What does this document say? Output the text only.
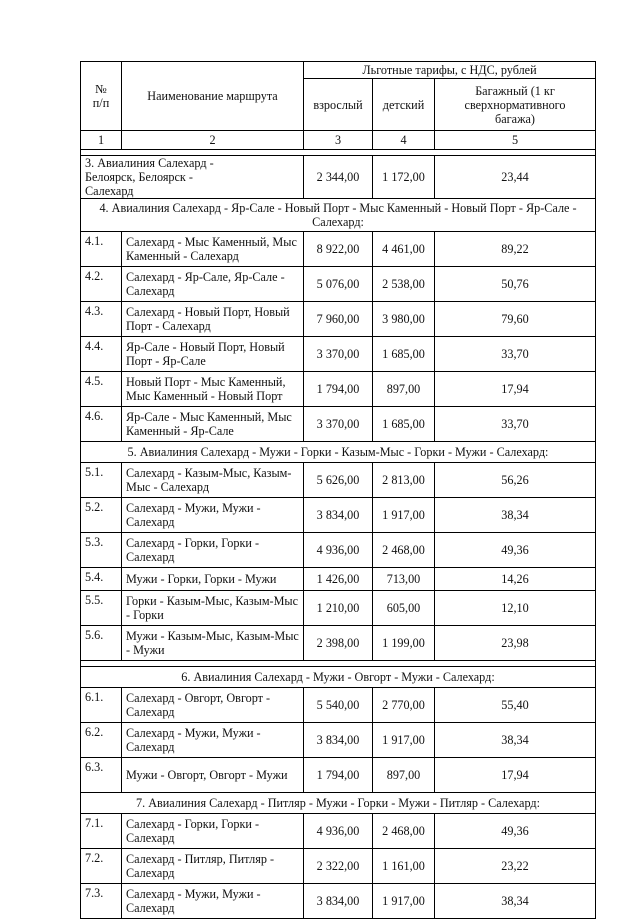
№
п/п	Наименование маршрута	Льготные тарифы, с НДС, рублей		
		взрослый	детский	Багажный (1 кг сверхнормативного багажа)
1	2	3	4	5

3. Авиалиния Салехард - Белоярск, Белоярск - Салехард		2 344,00	1 172,00	23,44
4. Авиалиния Салехард - Яр-Сале - Новый Порт - Мыс Каменный - Новый Порт - Яр-Сале - Салехард:				
4.1.	Салехард - Мыс Каменный, Мыс Каменный - Салехард	8 922,00	4 461,00	89,22
4.2.	Салехард - Яр-Сале, Яр-Сале - Салехард	5 076,00	2 538,00	50,76
4.3.	Салехард - Новый Порт, Новый Порт - Салехард	7 960,00	3 980,00	79,60
4.4.	Яр-Сале - Новый Порт, Новый Порт - Яр-Сале	3 370,00	1 685,00	33,70
4.5.	Новый Порт - Мыс Каменный, Мыс Каменный - Новый Порт	1 794,00	897,00	17,94
4.6.	Яр-Сале - Мыс Каменный, Мыс Каменный - Яр-Сале	3 370,00	1 685,00	33,70
5. Авиалиния Салехард - Мужи - Горки - Казым-Мыс - Горки - Мужи - Салехард:				
5.1.	Салехард - Казым-Мыс, Казым-Мыс - Салехард	5 626,00	2 813,00	56,26
5.2.	Салехард - Мужи, Мужи - Салехард	3 834,00	1 917,00	38,34
5.3.	Салехард - Горки, Горки - Салехард	4 936,00	2 468,00	49,36
5.4.	Мужи - Горки, Горки - Мужи	1 426,00	713,00	14,26
5.5.	Горки - Казым-Мыс, Казым-Мыс - Горки	1 210,00	605,00	12,10
5.6.	Мужи - Казым-Мыс, Казым-Мыс - Мужи	2 398,00	1 199,00	23,98

6. Авиалиния Салехард - Мужи - Овгорт - Мужи - Салехард:				
6.1.	Салехард - Овгорт, Овгорт - Салехард	5 540,00	2 770,00	55,40
6.2.	Салехард - Мужи, Мужи - Салехард	3 834,00	1 917,00	38,34
6.3.	Мужи - Овгорт, Овгорт - Мужи	1 794,00	897,00	17,94
7. Авиалиния Салехард - Питляр - Мужи - Горки - Мужи - Питляр - Салехард:				
7.1.	Салехард - Горки, Горки - Салехард	4 936,00	2 468,00	49,36
7.2.	Салехард - Питляр, Питляр - Салехард	2 322,00	1 161,00	23,22
7.3.	Салехард - Мужи, Мужи - Салехард	3 834,00	1 917,00	38,34
